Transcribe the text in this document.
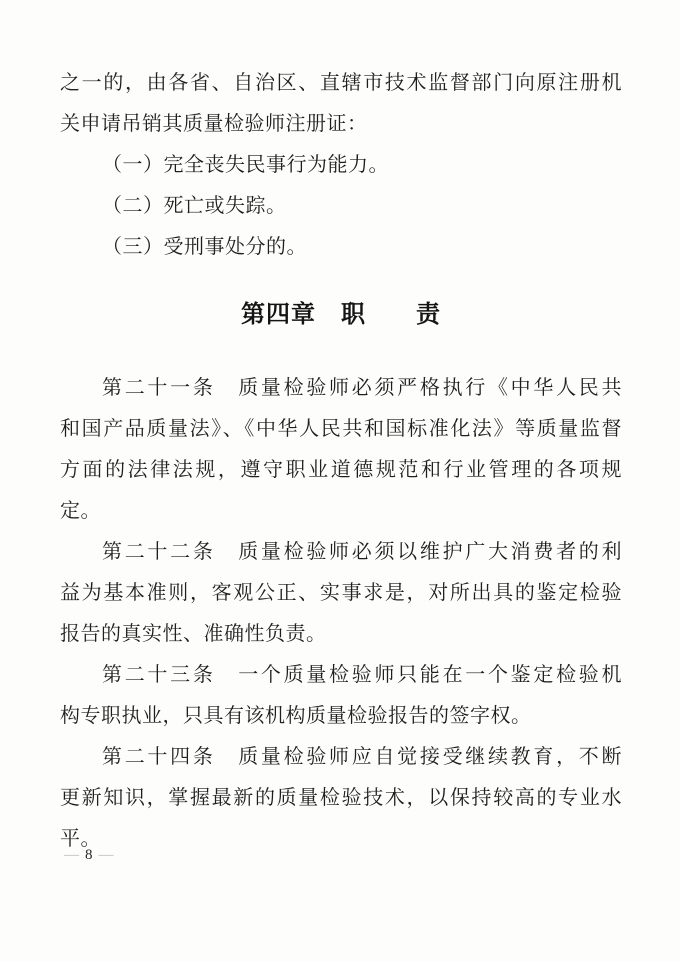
之一的，由各省、自治区、直辖市技术监督部门向原注册机
关申请吊销其质量检验师注册证：
（一）完全丧失民事行为能力。
（二）死亡或失踪。
（三）受刑事处分的。
第四章　职　　责
第二十一条　质量检验师必须严格执行《中华人民共
和国产品质量法》、《中华人民共和国标准化法》等质量监督
方面的法律法规，遵守职业道德规范和行业管理的各项规
定。
第二十二条　质量检验师必须以维护广大消费者的利
益为基本准则，客观公正、实事求是，对所出具的鉴定检验
报告的真实性、准确性负责。
第二十三条　一个质量检验师只能在一个鉴定检验机
构专职执业，只具有该机构质量检验报告的签字权。
第二十四条　质量检验师应自觉接受继续教育，不断
更新知识，掌握最新的质量检验技术，以保持较高的专业水
平。
— 8 —
